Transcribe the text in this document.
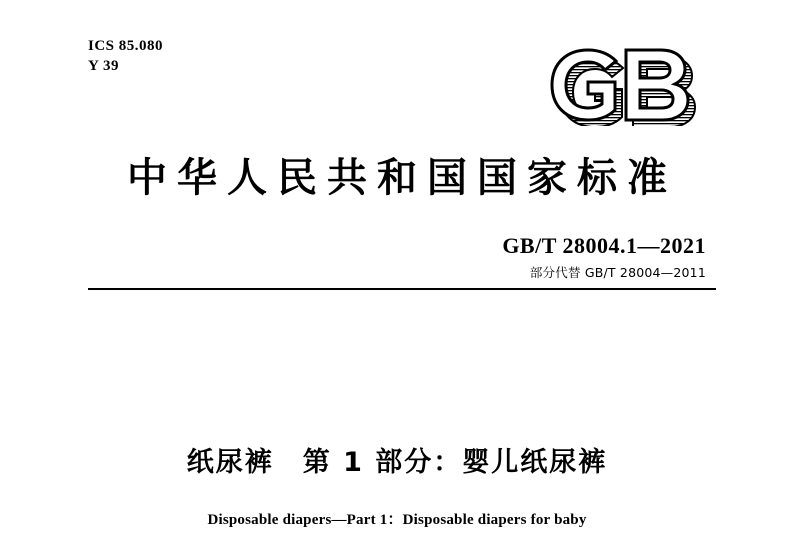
ICS 85.080
Y 39
中华人民共和国国家标准
GB/T 28004.1—2021
部分代替 GB/T 28004—2011
纸尿裤　第 1 部分：婴儿纸尿裤
Disposable diapers—Part 1：Disposable diapers for baby
